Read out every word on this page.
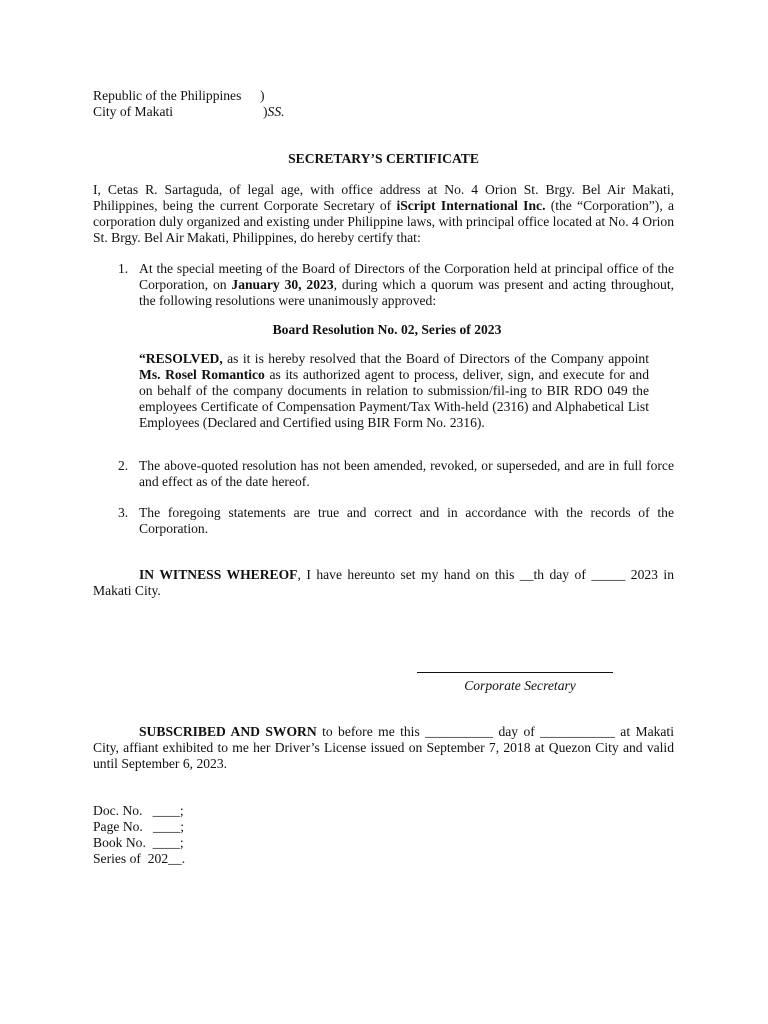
Republic of the Philippines )
City of Makati	)SS.
SECRETARY’S CERTIFICATE
I, Cetas R. Sartaguda, of legal age, with office address at No. 4 Orion St. Brgy. Bel Air Makati, Philippines, being the current Corporate Secretary of iScript International Inc. (the “Corporation”), a corporation duly organized and existing under Philippine laws, with principal office located at No. 4 Orion St. Brgy. Bel Air Makati, Philippines, do hereby certify that:
1. At the special meeting of the Board of Directors of the Corporation held at principal office of the Corporation, on January 30, 2023, during which a quorum was present and acting throughout, the following resolutions were unanimously approved:
Board Resolution No. 02, Series of 2023
“RESOLVED, as it is hereby resolved that the Board of Directors of the Company appoint Ms. Rosel Romantico as its authorized agent to process, deliver, sign, and execute for and on behalf of the company documents in relation to submission/fil-ing to BIR RDO 049 the employees Certificate of Compensation Payment/Tax With-held (2316) and Alphabetical List Employees (Declared and Certified using BIR Form No. 2316).
2. The above-quoted resolution has not been amended, revoked, or superseded, and are in full force and effect as of the date hereof.
3. The foregoing statements are true and correct and in accordance with the records of the Corporation.
IN WITNESS WHEREOF, I have hereunto set my hand on this __th day of _____ 2023 in Makati City.
Corporate Secretary
SUBSCRIBED AND SWORN to before me this __________ day of ___________ at Makati City, affiant exhibited to me her Driver’s License issued on September 7, 2018 at Quezon City and valid until September 6, 2023.
Doc. No.   ____;
Page No.   ____;
Book No.  ____;
Series of  202__.
